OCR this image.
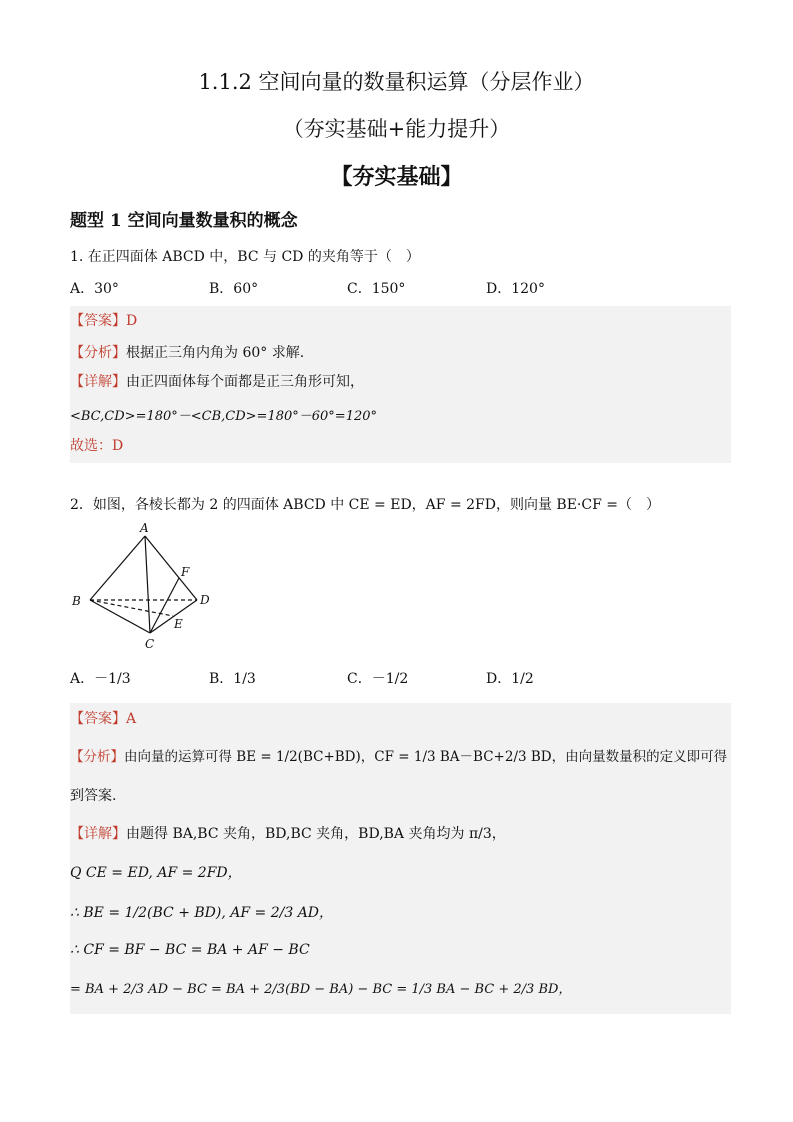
1.1.2 空间向量的数量积运算（分层作业）
（夯实基础+能力提升）
【夯实基础】
题型 1 空间向量数量积的概念
1. 在正四面体 ABCD 中，BC 与 CD 的夹角等于（　）
A．30°	B．60°	C．150°	D．120°
【答案】D
【分析】根据正三角内角为 60° 求解.
【详解】由正四面体每个面都是正三角形可知，
<BC,CD>=180°－<CB,CD>=180°－60°=120°
故选：D
2．如图，各棱长都为 2 的四面体 ABCD 中 CE = ED，AF = 2FD，则向量 BE·CF =（　）
A
B
C
D
E
F
A．－1/3	B．1/3	C．－1/2	D．1/2
【答案】A
【分析】由向量的运算可得 BE = 1/2(BC+BD)，CF = 1/3 BA－BC+2/3 BD，由向量数量积的定义即可得
到答案.
【详解】由题得 BA,BC 夹角，BD,BC 夹角，BD,BA 夹角均为 π/3，
Q CE = ED, AF = 2FD，
∴ BE = 1/2(BC + BD), AF = 2/3 AD，
∴ CF = BF − BC = BA + AF − BC
= BA + 2/3 AD − BC = BA + 2/3(BD − BA) − BC = 1/3 BA − BC + 2/3 BD，
